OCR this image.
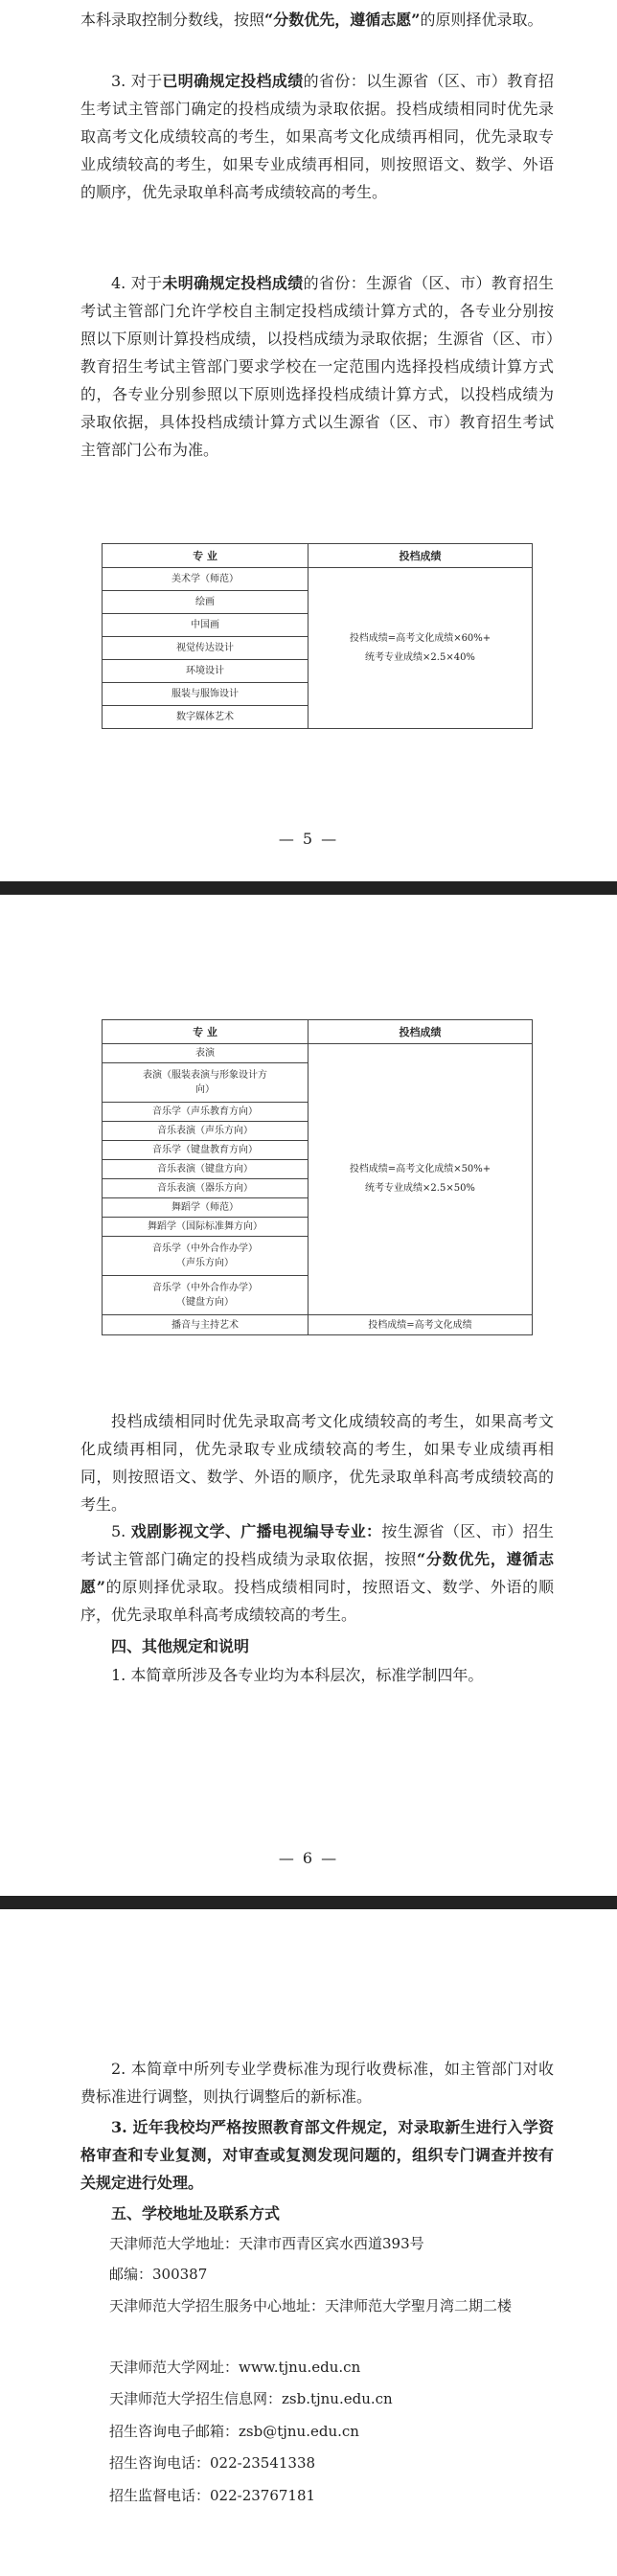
本科录取控制分数线，按照“分数优先，遵循志愿”的原则择优录取。

3. 对于已明确规定投档成绩的省份：以生源省（区、市）教育招生考试主管部门确定的投档成绩为录取依据。投档成绩相同时优先录取高考文化成绩较高的考生，如果高考文化成绩再相同，优先录取专业成绩较高的考生，如果专业成绩再相同，则按照语文、数学、外语的顺序，优先录取单科高考成绩较高的考生。

4. 对于未明确规定投档成绩的省份：生源省（区、市）教育招生考试主管部门允许学校自主制定投档成绩计算方式的，各专业分别按照以下原则计算投档成绩，以投档成绩为录取依据；生源省（区、市）教育招生考试主管部门要求学校在一定范围内选择投档成绩计算方式的，各专业分别参照以下原则选择投档成绩计算方式，以投档成绩为录取依据，具体投档成绩计算方式以生源省（区、市）教育招生考试主管部门公布为准。

专 业	投档成绩
美术学（师范）	投档成绩=高考文化成绩×60%+
统考专业成绩×2.5×40%
绘画	
中国画	
视觉传达设计	
环境设计	
服装与服饰设计	
数字媒体艺术	
— 5 —
专 业	投档成绩
表演	投档成绩=高考文化成绩×50%+
统考专业成绩×2.5×50%
表演（服装表演与形象设计方
向）	
音乐学（声乐教育方向）	
音乐表演（声乐方向）	
音乐学（键盘教育方向）	
音乐表演（键盘方向）	
音乐表演（器乐方向）	
舞蹈学（师范）	
舞蹈学（国际标准舞方向）	
音乐学（中外合作办学）
（声乐方向）	
音乐学（中外合作办学）
（键盘方向）	
播音与主持艺术	投档成绩=高考文化成绩

投档成绩相同时优先录取高考文化成绩较高的考生，如果高考文化成绩再相同，优先录取专业成绩较高的考生，如果专业成绩再相同，则按照语文、数学、外语的顺序，优先录取单科高考成绩较高的考生。

5. 戏剧影视文学、广播电视编导专业：按生源省（区、市）招生考试主管部门确定的投档成绩为录取依据，按照“分数优先，遵循志愿”的原则择优录取。投档成绩相同时，按照语文、数学、外语的顺序，优先录取单科高考成绩较高的考生。

四、其他规定和说明

1. 本简章所涉及各专业均为本科层次，标准学制四年。

— 6 —

2. 本简章中所列专业学费标准为现行收费标准，如主管部门对收费标准进行调整，则执行调整后的新标准。

3. 近年我校均严格按照教育部文件规定，对录取新生进行入学资格审查和专业复测，对审查或复测发现问题的，组织专门调查并按有关规定进行处理。

五、学校地址及联系方式
天津师范大学地址：天津市西青区宾水西道393号
邮编：300387
天津师范大学招生服务中心地址：天津师范大学聖月湾二期二楼
天津师范大学网址：www.tjnu.edu.cn
天津师范大学招生信息网：zsb.tjnu.edu.cn
招生咨询电子邮箱：zsb@tjnu.edu.cn
招生咨询电话：022-23541338
招生监督电话：022-23767181
